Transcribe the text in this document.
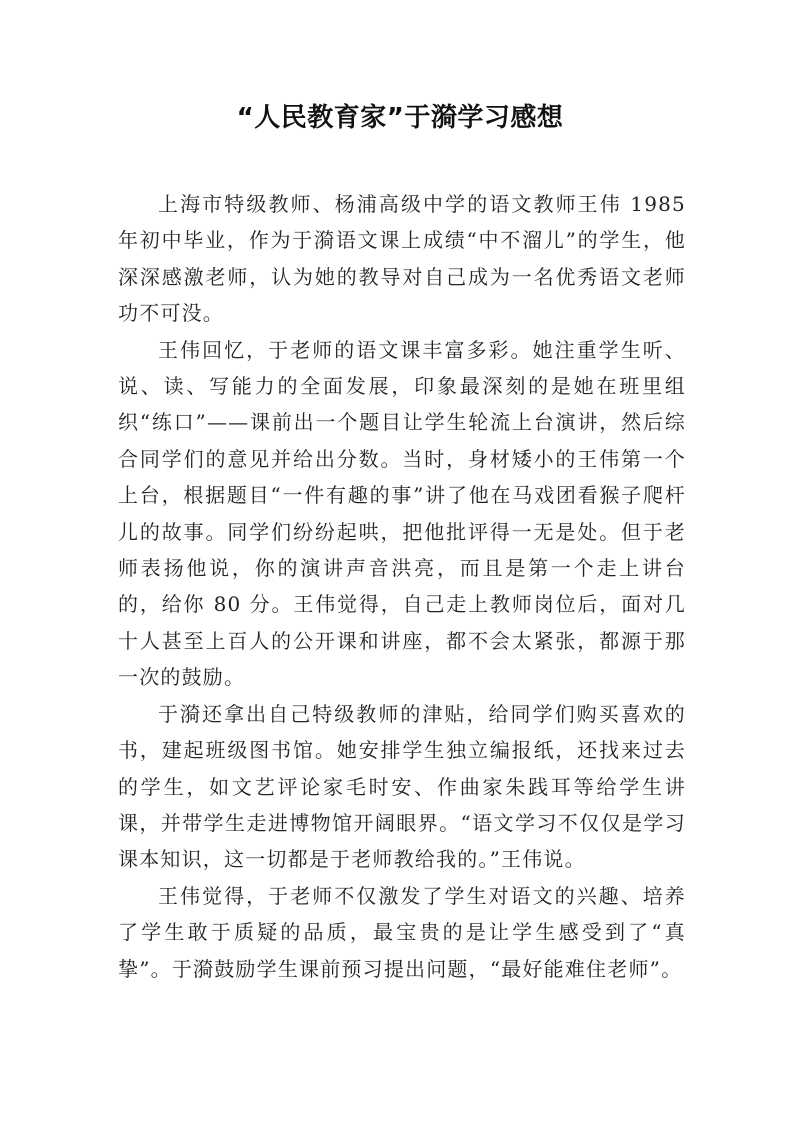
“人民教育家”于漪学习感想

上海市特级教师、杨浦高级中学的语文教师王伟 1985 年初中毕业，作为于漪语文课上成绩“中不溜儿”的学生，他深深感激老师，认为她的教导对自己成为一名优秀语文老师功不可没。

王伟回忆，于老师的语文课丰富多彩。她注重学生听、说、读、写能力的全面发展，印象最深刻的是她在班里组织“练口”——课前出一个题目让学生轮流上台演讲，然后综合同学们的意见并给出分数。当时，身材矮小的王伟第一个上台，根据题目“一件有趣的事”讲了他在马戏团看猴子爬杆儿的故事。同学们纷纷起哄，把他批评得一无是处。但于老师表扬他说，你的演讲声音洪亮，而且是第一个走上讲台的，给你 80 分。王伟觉得，自己走上教师岗位后，面对几十人甚至上百人的公开课和讲座，都不会太紧张，都源于那一次的鼓励。

于漪还拿出自己特级教师的津贴，给同学们购买喜欢的书，建起班级图书馆。她安排学生独立编报纸，还找来过去的学生，如文艺评论家毛时安、作曲家朱践耳等给学生讲课，并带学生走进博物馆开阔眼界。“语文学习不仅仅是学习课本知识，这一切都是于老师教给我的。”王伟说。

王伟觉得，于老师不仅激发了学生对语文的兴趣、培养了学生敢于质疑的品质，最宝贵的是让学生感受到了“真挚”。于漪鼓励学生课前预习提出问题，“最好能难住老师”。
